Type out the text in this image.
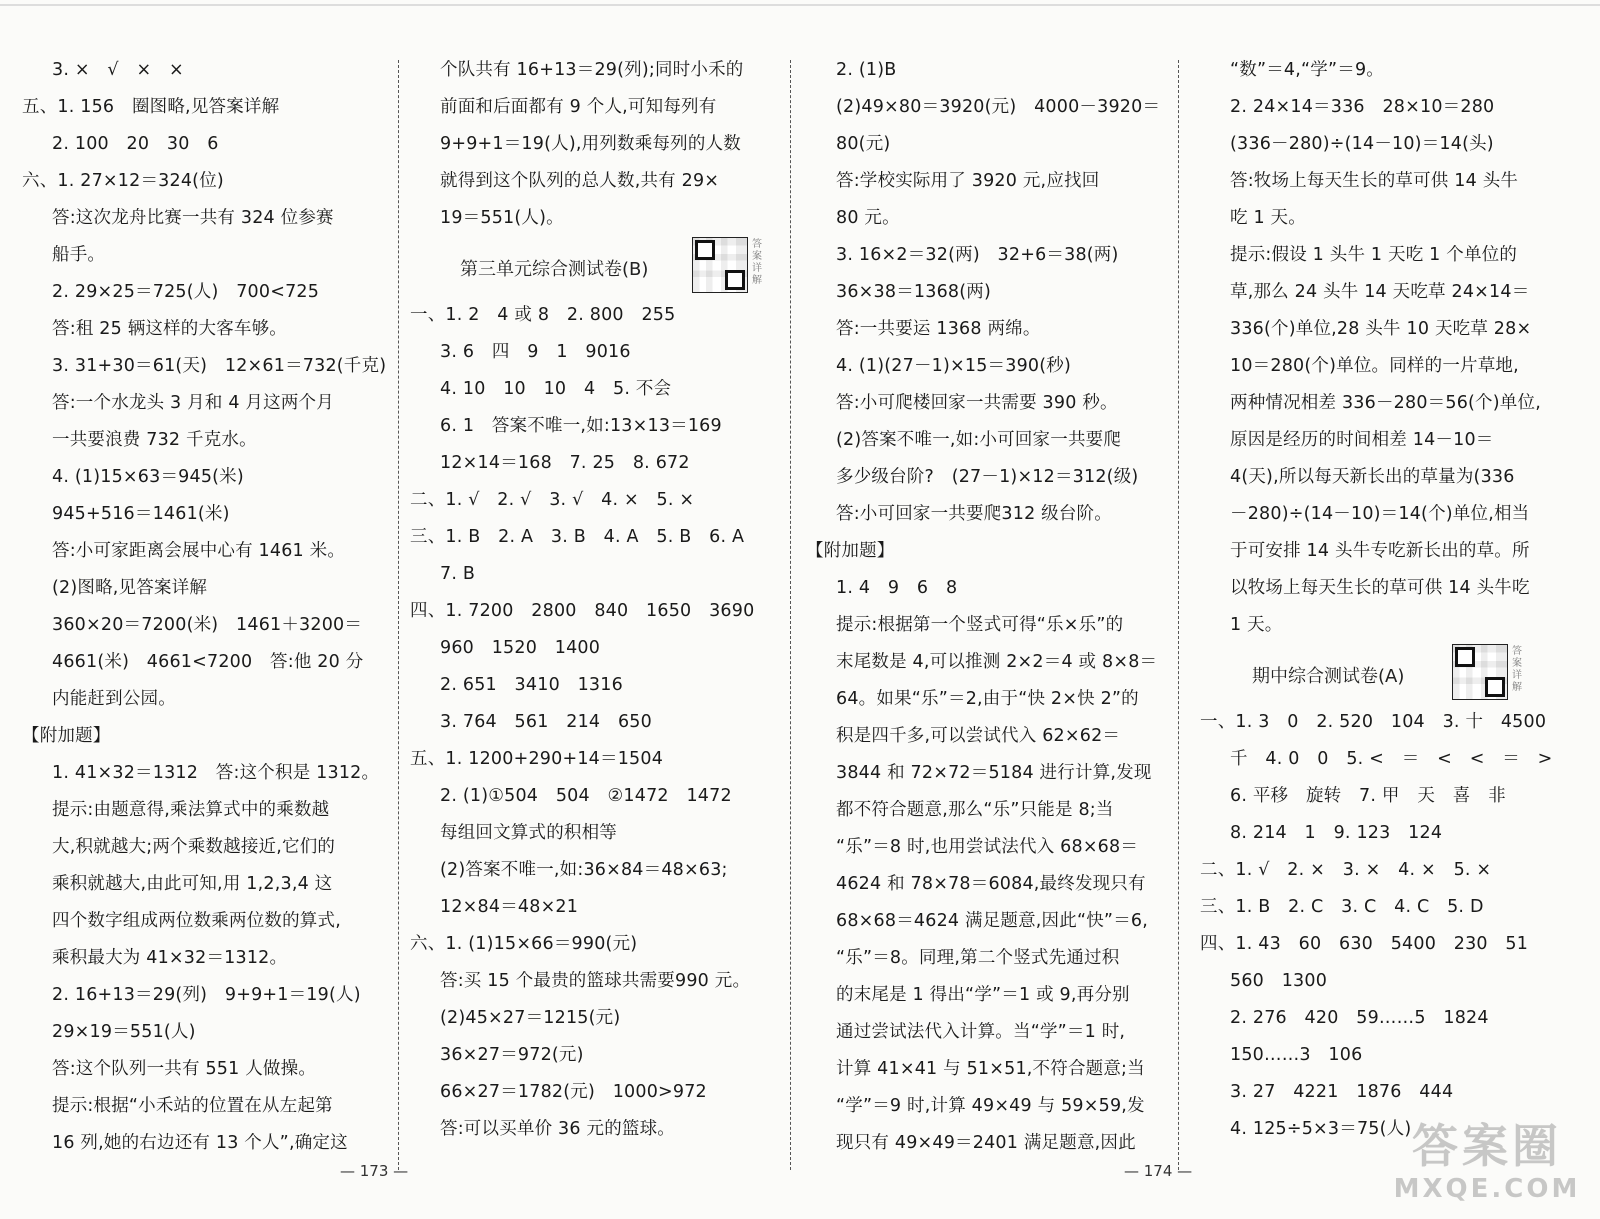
3. ×　√　×　×
五、1. 156　圈图略,见答案详解
2. 100　20　30　6
六、1. 27×12＝324(位)
答:这次龙舟比赛一共有 324 位参赛
船手。
2. 29×25＝725(人)　700<725
答:租 25 辆这样的大客车够。
3. 31+30＝61(天)　12×61＝732(千克)
答:一个水龙头 3 月和 4 月这两个月
一共要浪费 732 千克水。
4. (1)15×63＝945(米)
945+516＝1461(米)
答:小可家距离会展中心有 1461 米。
(2)图略,见答案详解
360×20＝7200(米)　1461＋3200＝
4661(米)　4661<7200　答:他 20 分
内能赶到公园。
【附加题】
1. 41×32＝1312　答:这个积是 1312。
提示:由题意得,乘法算式中的乘数越
大,积就越大;两个乘数越接近,它们的
乘积就越大,由此可知,用 1,2,3,4 这
四个数字组成两位数乘两位数的算式,
乘积最大为 41×32＝1312。
2. 16+13＝29(列)　9+9+1＝19(人)
29×19＝551(人)
答:这个队列一共有 551 人做操。
提示:根据“小禾站的位置在从左起第
16 列,她的右边还有 13 个人”,确定这
个队共有 16+13＝29(列);同时小禾的
前面和后面都有 9 个人,可知每列有
9+9+1＝19(人),用列数乘每列的人数
就得到这个队列的总人数,共有 29×
19＝551(人)。
第三单元综合测试卷(B)
答案详解
一、1. 2　4 或 8　2. 800　255
3. 6　四　9　1　9016
4. 10　10　10　4　5. 不会
6. 1　答案不唯一,如:13×13＝169
12×14＝168　7. 25　8. 672
二、1. √　2. √　3. √　4. ×　5. ×
三、1. B　2. A　3. B　4. A　5. B　6. A
7. B
四、1. 7200　2800　840　1650　3690
960　1520　1400
2. 651　3410　1316
3. 764　561　214　650
五、1. 1200+290+14＝1504
2. (1)①504　504　②1472　1472
每组回文算式的积相等
(2)答案不唯一,如:36×84＝48×63;
12×84＝48×21
六、1. (1)15×66＝990(元)
答:买 15 个最贵的篮球共需要990 元。
(2)45×27＝1215(元)
36×27＝972(元)
66×27＝1782(元)　1000>972
答:可以买单价 36 元的篮球。
2. (1)B
(2)49×80＝3920(元)　4000－3920＝
80(元)
答:学校实际用了 3920 元,应找回
80 元。
3. 16×2＝32(两)　32+6＝38(两)
36×38＝1368(两)
答:一共要运 1368 两绵。
4. (1)(27－1)×15＝390(秒)
答:小可爬楼回家一共需要 390 秒。
(2)答案不唯一,如:小可回家一共要爬
多少级台阶?　(27－1)×12＝312(级)
答:小可回家一共要爬312 级台阶。
【附加题】
1. 4　9　6　8
提示:根据第一个竖式可得“乐×乐”的
末尾数是 4,可以推测 2×2＝4 或 8×8＝
64。如果“乐”＝2,由于“快 2×快 2”的
积是四千多,可以尝试代入 62×62＝
3844 和 72×72＝5184 进行计算,发现
都不符合题意,那么“乐”只能是 8;当
“乐”＝8 时,也用尝试法代入 68×68＝
4624 和 78×78＝6084,最终发现只有
68×68＝4624 满足题意,因此“快”＝6,
“乐”＝8。同理,第二个竖式先通过积
的末尾是 1 得出“学”＝1 或 9,再分别
通过尝试法代入计算。当“学”＝1 时,
计算 41×41 与 51×51,不符合题意;当
“学”＝9 时,计算 49×49 与 59×59,发
现只有 49×49＝2401 满足题意,因此
“数”＝4,“学”＝9。
2. 24×14＝336　28×10＝280
(336－280)÷(14－10)＝14(头)
答:牧场上每天生长的草可供 14 头牛
吃 1 天。
提示:假设 1 头牛 1 天吃 1 个单位的
草,那么 24 头牛 14 天吃草 24×14＝
336(个)单位,28 头牛 10 天吃草 28×
10＝280(个)单位。同样的一片草地,
两种情况相差 336－280＝56(个)单位,
原因是经历的时间相差 14－10＝
4(天),所以每天新长出的草量为(336
－280)÷(14－10)＝14(个)单位,相当
于可安排 14 头牛专吃新长出的草。所
以牧场上每天生长的草可供 14 头牛吃
1 天。
期中综合测试卷(A)
答案详解
一、1. 3　0　2. 520　104　3. 十　4500
千　4. 0　0　5. <　＝　<　<　＝　>
6. 平移　旋转　7. 甲　天　喜　非
8. 214　1　9. 123　124
二、1. √　2. ×　3. ×　4. ×　5. ×
三、1. B　2. C　3. C　4. C　5. D
四、1. 43　60　630　5400　230　51
560　1300
2. 276　420　59……5　1824
150……3　106
3. 27　4221　1876　444
4. 125÷5×3＝75(人)
— 173 —	— 174 —	答案圈
MXQE.COM
